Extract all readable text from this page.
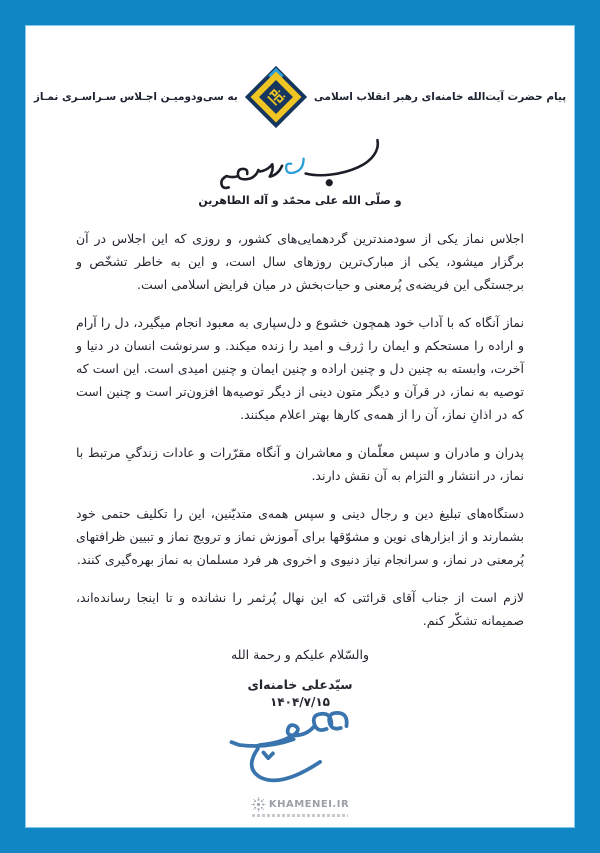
پیام حضرت آیت‌الله خامنه‌ای رهبر انقلاب اسلامی
به سی‌ودومیـن اجـلاس سـراسـری نمـاز
و صلّی الله علی محمّد و آله الطاهرین

اجلاس نماز یکی از سودمندترین گردهمایی‌های کشور، و روزی که این اجلاس در آن برگزار میشود، یکی از مبارک‌ترین روزهای سال است، و این به خاطر تشخّص و برجستگی این فریضه‌ی پُرمعنی و حیات‌بخش در میان فرایض اسلامی است.

نماز آنگاه که با آداب خود همچون خشوع و دل‌سپاری به معبود انجام میگیرد، دل را آرام و اراده را مستحکم و ایمان را ژرف و امید را زنده میکند. و سرنوشت انسان در دنیا و آخرت، وابسته به چنین دل و چنین اراده و چنین ایمان و چنین امیدی است. این است که توصیه به نماز، در قرآن و دیگر متون دینی از دیگر توصیه‌ها افزون‌تر است و چنین است که در اذانِ نماز، آن را از همه‌ی کارها بهتر اعلام میکنند.

پدران و مادران و سپس معلّمان و معاشران و آنگاه مقرّرات و عادات زندگیِ مرتبط با نماز، در انتشار و التزام به آن نقش دارند.

دستگاه‌های تبلیغ دین و رجال دینی و سپس همه‌ی متدیّنین، این را تکلیف حتمی خود بشمارند و از ابزارهای نوین و مشوّقها برای آموزش نماز و ترویج نماز و تبیین ظرافتهای پُرمعنی در نماز، و سرانجام نیاز دنیوی و اخروی هر فرد مسلمان به نماز بهره‌گیری کنند.

لازم است از جناب آقای قرائتی که این نهال پُرثمر را نشانده و تا اینجا رسانده‌اند، صمیمانه تشکّر کنم.

والسّلام علیکم و رحمة الله
سیّدعلی خامنه‌ای
۱۴۰۴/۷/۱۵
KHAMENEI.IR
